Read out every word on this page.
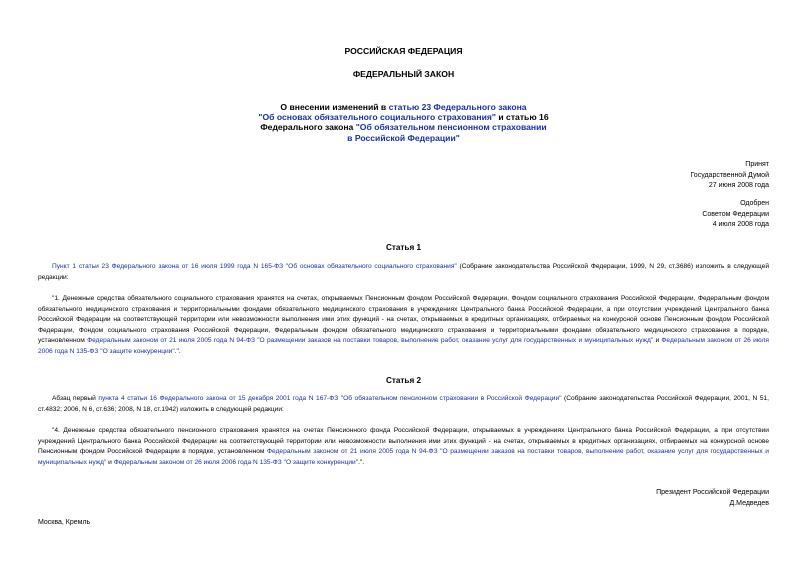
РОССИЙСКАЯ ФЕДЕРАЦИЯ
ФЕДЕРАЛЬНЫЙ ЗАКОН
О внесении изменений в статью 23 Федерального закона
"Об основах обязательного социального страхования" и статью 16
Федерального закона "Об обязательном пенсионном страховании
в Российской Федерации"
Принят
Государственной Думой
27 июня 2008 года
Одобрен
Советом Федерации
4 июля 2008 года
Статья 1
Пункт 1 статьи 23 Федерального закона от 16 июля 1999 года N 165-ФЗ "Об основах обязательного социального страхования" (Собрание законодательства Российской Федерации, 1999, N 29, ст.3686) изложить в следующей редакции:
"1. Денежные средства обязательного социального страхования хранятся на счетах, открываемых Пенсионным фондом Российской Федерации, Фондом социального страхования Российской Федерации, Федеральным фондом обязательного медицинского страхования и территориальными фондами обязательного медицинского страхования в учреждениях Центрального банка Российской Федерации, а при отсутствии учреждений Центрального банка Российской Федерации на соответствующей территории или невозможности выполнения ими этих функций - на счетах, открываемых в кредитных организациях, отбираемых на конкурсной основе Пенсионным фондом Российской Федерации, Фондом социального страхования Российской Федерации, Федеральным фондом обязательного медицинского страхования и территориальными фондами обязательного медицинского страхования в порядке, установленном Федеральным законом от 21 июля 2005 года N 94-ФЗ "О размещении заказов на поставки товаров, выполнение работ, оказание услуг для государственных и муниципальных нужд" и Федеральным законом от 26 июля 2006 года N 135-ФЗ "О защите конкуренции".".
Статья 2
Абзац первый пункта 4 статьи 16 Федерального закона от 15 декабря 2001 года N 167-ФЗ "Об обязательном пенсионном страховании в Российской Федерации" (Собрание законодательства Российской Федерации, 2001, N 51, ст.4832; 2006, N 6, ст.636; 2008, N 18, ст.1942) изложить в следующей редакции:
"4. Денежные средства обязательного пенсионного страхования хранятся на счетах Пенсионного фонда Российской Федерации, открываемых в учреждениях Центрального банка Российской Федерации, а при отсутствии учреждений Центрального банка Российской Федерации на соответствующей территории или невозможности выполнения ими этих функций - на счетах, открываемых в кредитных организациях, отбираемых на конкурсной основе Пенсионным фондом Российской Федерации в порядке, установленном Федеральным законом от 21 июля 2005 года N 94-ФЗ "О размещении заказов на поставки товаров, выполнение работ, оказание услуг для государственных и муниципальных нужд" и Федеральным законом от 26 июля 2006 года N 135-ФЗ "О защите конкуренции".".
Президент Российской Федерации
Д.Медведев
Москва, Кремль
